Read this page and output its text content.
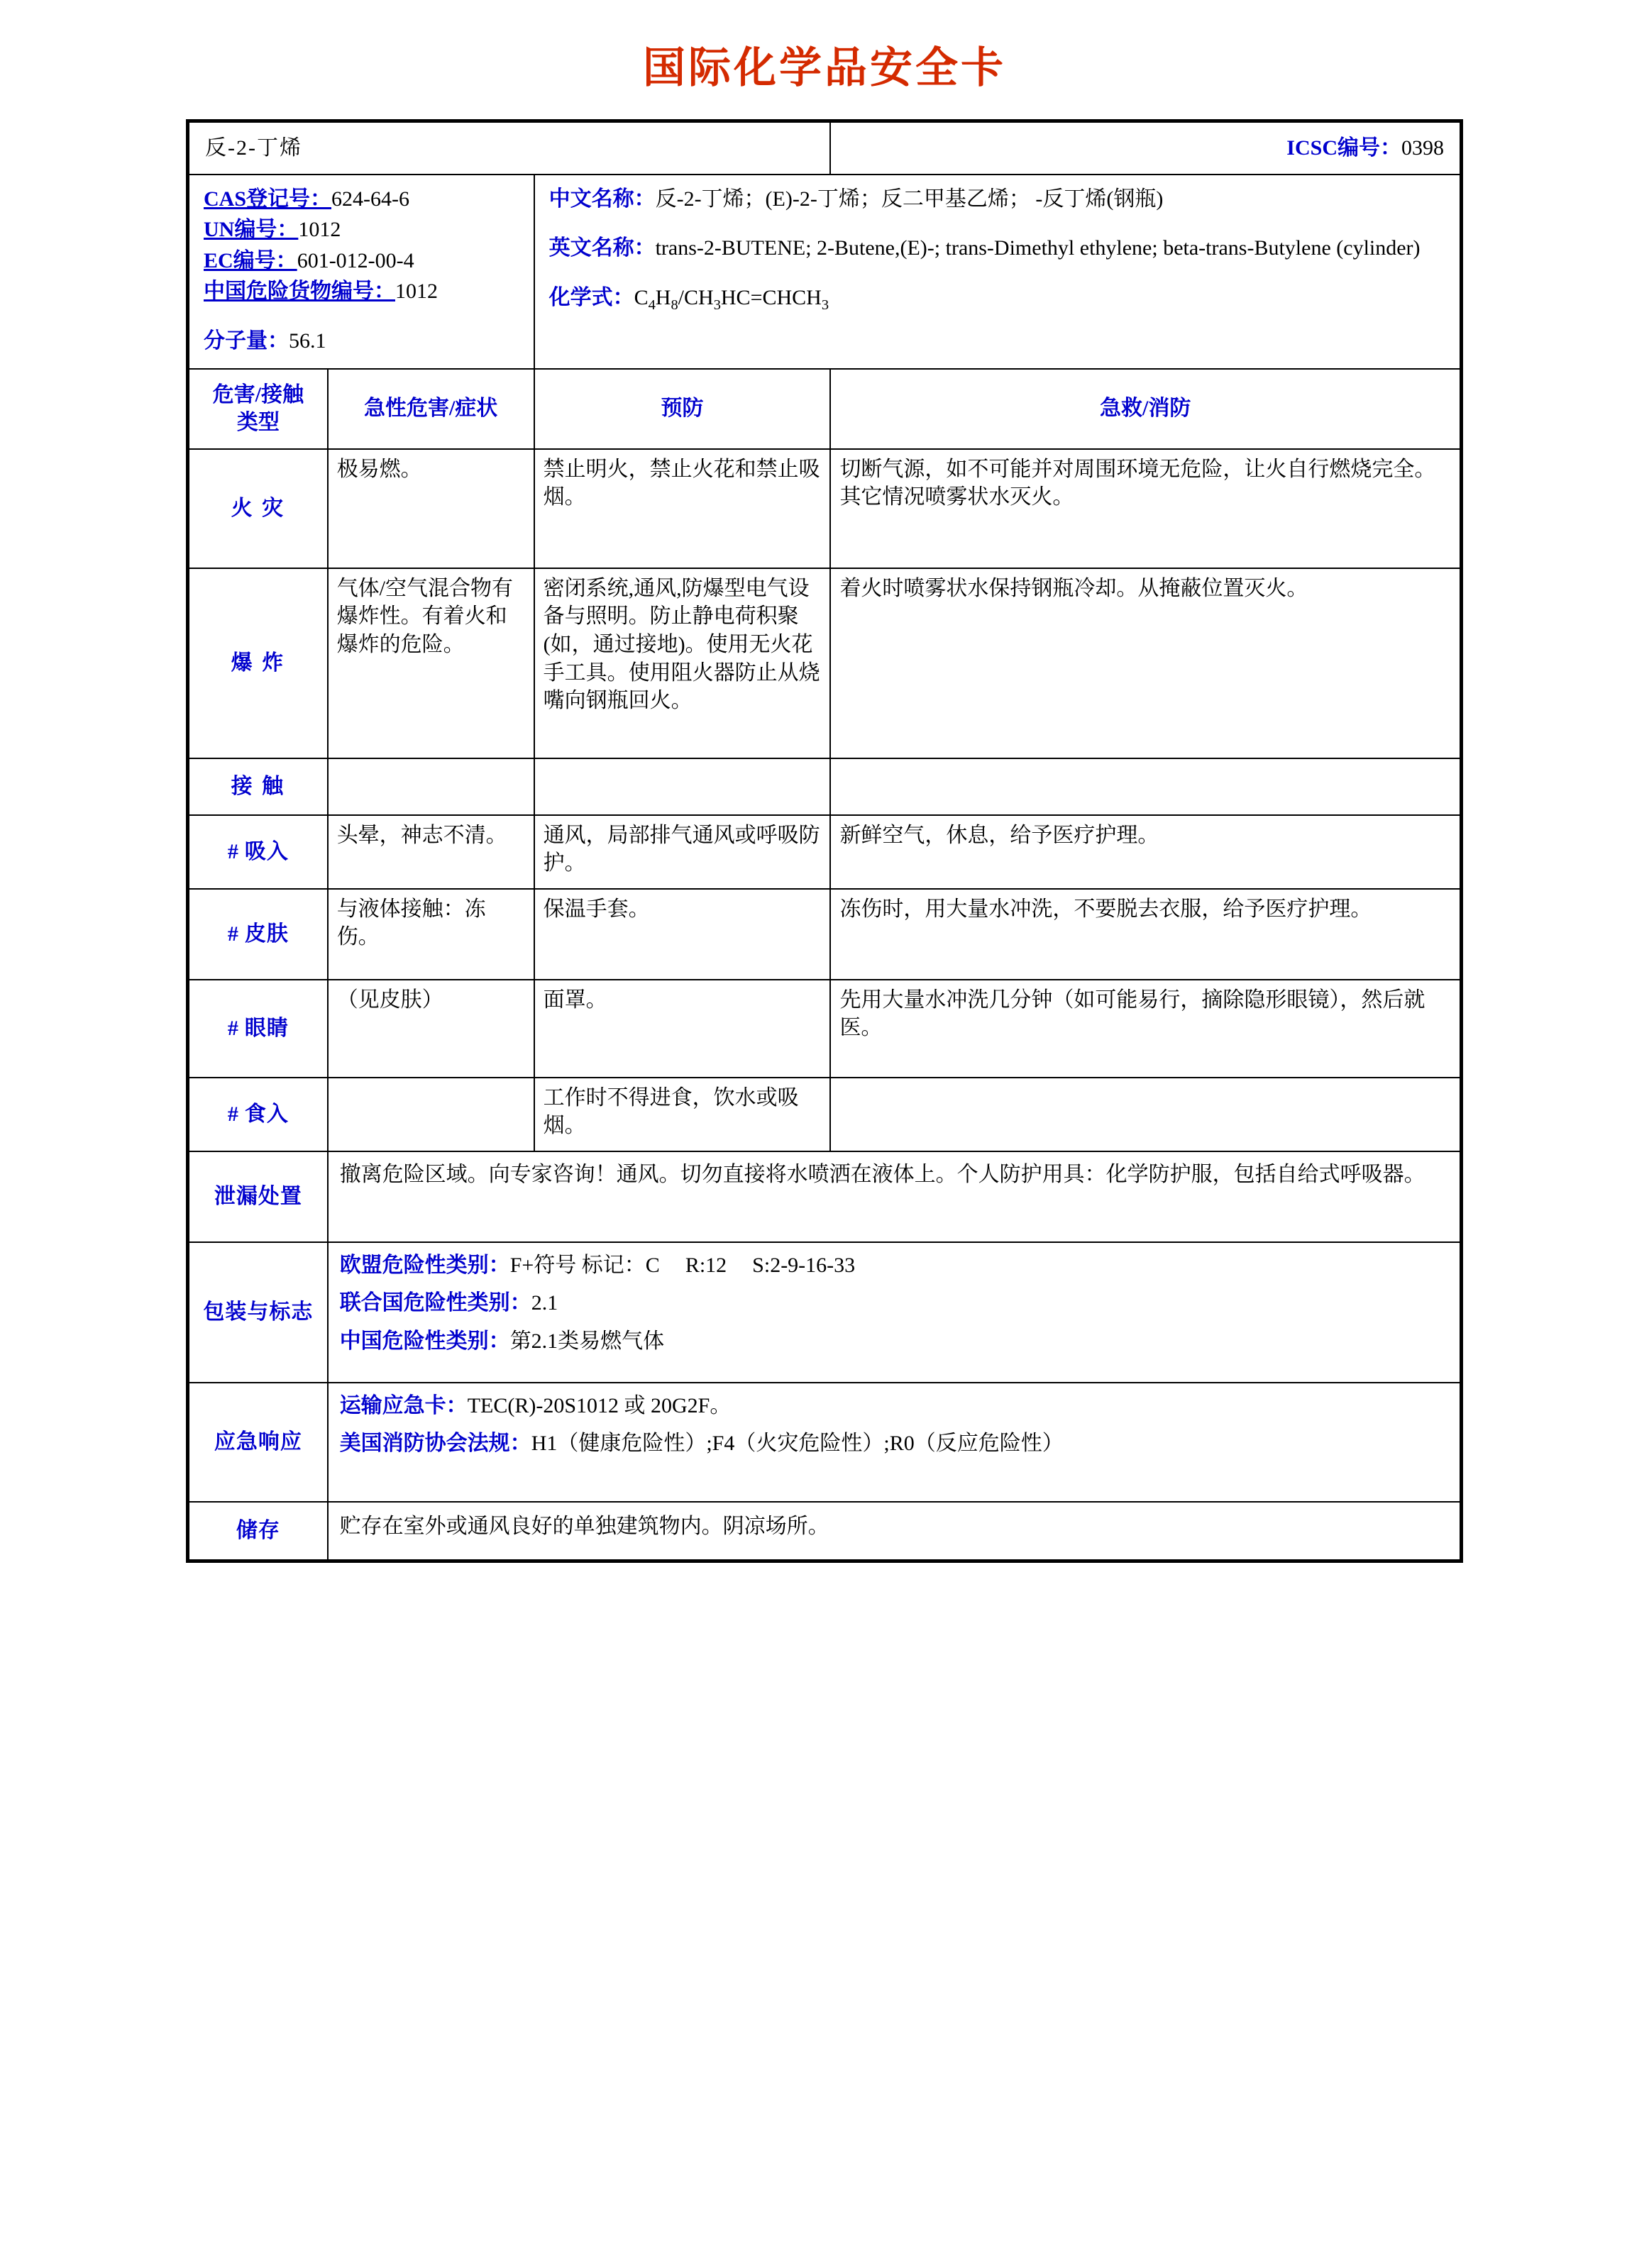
国际化学品安全卡
反-2-丁烯			ICSC编号：0398

CAS登记号：624-64-6
UN编号：1012
EC编号：601-012-00-4
中国危险货物编号：1012
分子量：56.1

中文名称：反-2-丁烯；(E)-2-丁烯；反二甲基乙烯； -反丁烯(钢瓶)
英文名称：trans-2-BUTENE; 2-Butene,(E)-; trans-Dimethyl ethylene; beta-trans-Butylene (cylinder)
化学式：$C_4H_8/CH_3HC=CHCH_3$

危害/接触
类型	急性危害/症状	预防	急救/消防
火 灾	极易燃。	禁止明火，禁止火花和禁止吸烟。	切断气源，如不可能并对周围环境无危险，让火自行燃烧完全。其它情况喷雾状水灭火。
爆 炸	气体/空气混合物有爆炸性。有着火和爆炸的危险。	密闭系统,通风,防爆型电气设备与照明。防止静电荷积聚(如，通过接地)。使用无火花手工具。使用阻火器防止从烧嘴向钢瓶回火。	着火时喷雾状水保持钢瓶冷却。从掩蔽位置灭火。
接 触			
# 吸入	头晕，神志不清。	通风，局部排气通风或呼吸防护。	新鲜空气，休息，给予医疗护理。
# 皮肤	与液体接触：冻伤。	保温手套。	冻伤时，用大量水冲洗，不要脱去衣服，给予医疗护理。
# 眼睛	（见皮肤）	面罩。	先用大量水冲洗几分钟（如可能易行，摘除隐形眼镜），然后就医。
# 食入		工作时不得进食，饮水或吸烟。	
泄漏处置	撤离危险区域。向专家咨询！通风。切勿直接将水喷洒在液体上。个人防护用具：化学防护服，包括自给式呼吸器。		
包装与标志	欧盟危险性类别：F+符号 标记：C R:12 S:2-9-16-33
联合国危险性类别：2.1
中国危险性类别：第2.1类易燃气体		

应急响应	运输应急卡：TEC(R)-20S1012 或 20G2F。
美国消防协会法规：H1（健康危险性）;F4（火灾危险性）;R0（反应危险性）		

储存	贮存在室外或通风良好的单独建筑物内。阴凉场所。		
